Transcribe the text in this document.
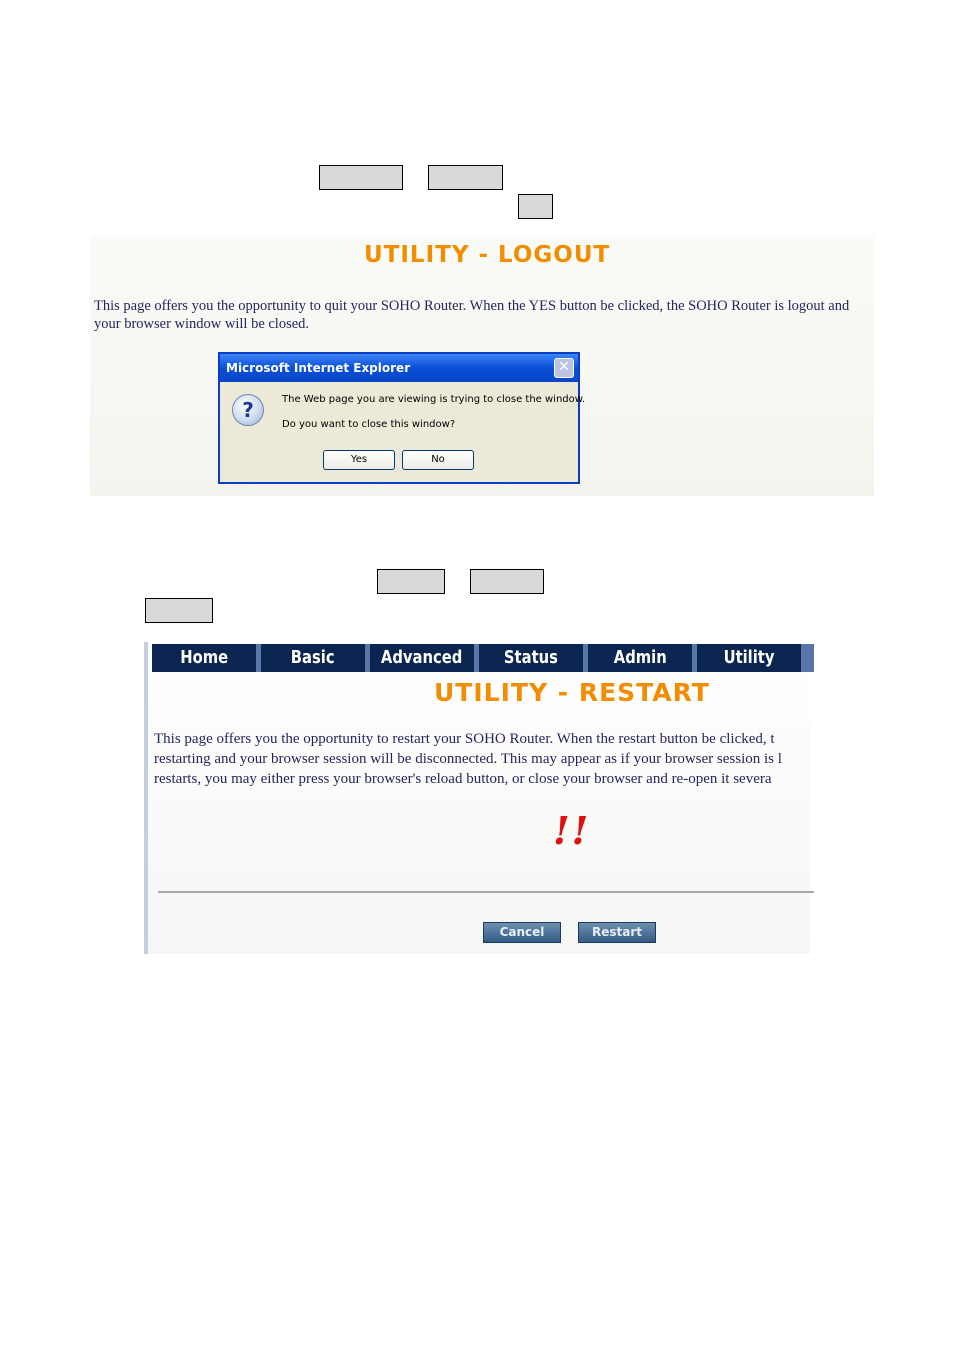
UTILITY - LOGOUT
This page offers you the opportunity to quit your SOHO Router. When the YES button be clicked, the SOHO Router is logout and
your browser window will be closed.
Microsoft Internet Explorer	✕
?	The Web page you are viewing is trying to close the window.
Do you want to close this window?
Yes	No
Home	Basic	Advanced	Status	Admin	Utility
UTILITY - RESTART
This page offers you the opportunity to restart your SOHO Router. When the restart button be clicked, t
restarting and your browser session will be disconnected. This may appear as if your browser session is l
restarts, you may either press your browser's reload button, or close your browser and re-open it severa
!!
Cancel	Restart
